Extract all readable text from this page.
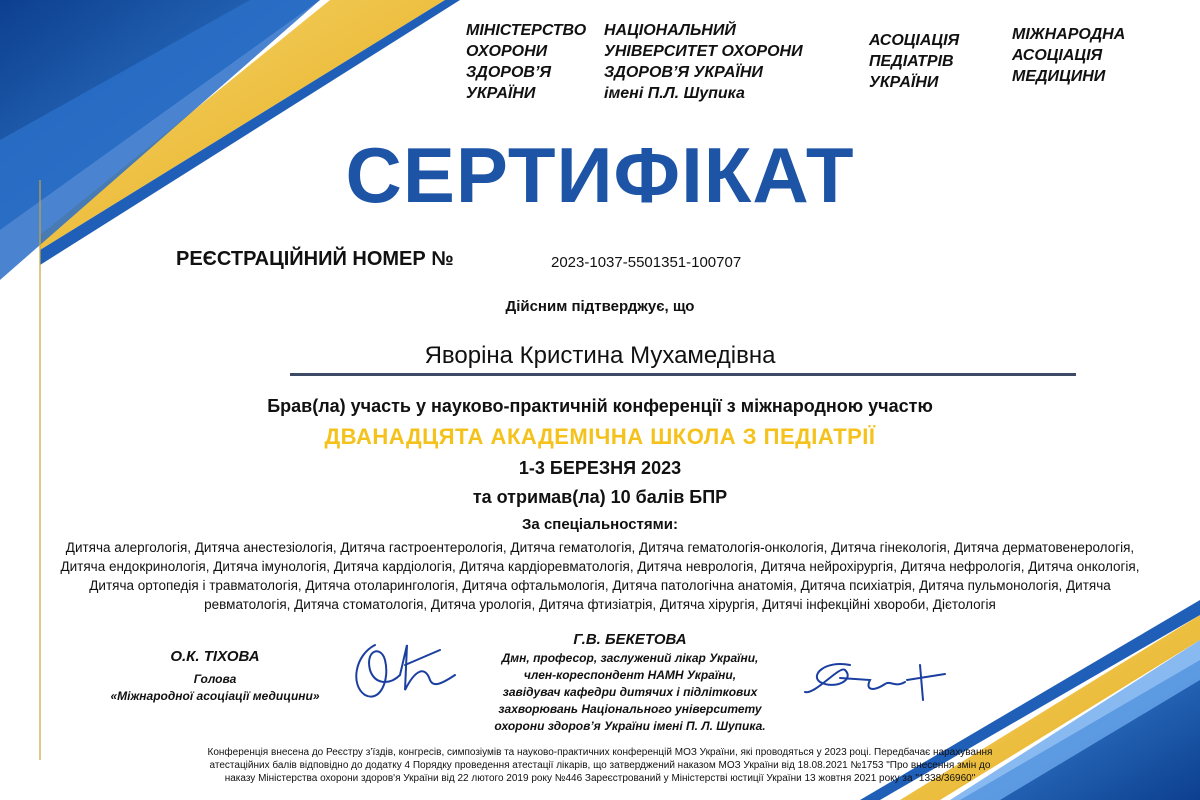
МІНІСТЕРСТВО
ОХОРОНИ
ЗДОРОВ’Я
УКРАЇНИ
НАЦІОНАЛЬНИЙ
УНІВЕРСИТЕТ ОХОРОНИ
ЗДОРОВ’Я УКРАЇНИ
імені П.Л. Шупика
АСОЦІАЦІЯ
ПЕДІАТРІВ
УКРАЇНИ
МІЖНАРОДНА
АСОЦІАЦІЯ
МЕДИЦИНИ
СЕРТИФІКАТ
РЕЄСТРАЦІЙНИЙ НОМЕР №	2023-1037-5501351-100707
Дійсним підтверджує, що
Яворіна Кристина Мухамедівна
Брав(ла) участь у науково-практичній конференції з міжнародною участю
ДВАНАДЦЯТА АКАДЕМІЧНА ШКОЛА З ПЕДІАТРІЇ
1-3 БЕРЕЗНЯ 2023
та отримав(ла) 10 балів БПР
За спеціальностями:
Дитяча алергологія, Дитяча анестезіологія, Дитяча гастроентерологія, Дитяча гематологія, Дитяча гематологія-онкологія, Дитяча гінекологія, Дитяча дерматовенерологія, Дитяча ендокринологія, Дитяча імунологія, Дитяча кардіологія, Дитяча кардіоревматологія, Дитяча неврологія, Дитяча нейрохірургія, Дитяча нефрологія, Дитяча онкологія, Дитяча ортопедія і травматологія, Дитяча отоларингологія, Дитяча офтальмологія, Дитяча патологічна анатомія, Дитяча психіатрія, Дитяча пульмонологія, Дитяча ревматологія, Дитяча стоматологія, Дитяча урологія, Дитяча фтизіатрія, Дитяча хірургія, Дитячі інфекційні хвороби, Дієтологія
О.К. ТІХОВА
Голова
«Міжнародної асоціації медицини»
Г.В. БЕКЕТОВА
Дмн, професор, заслужений лікар України,
член-кореспондент НАМН України,
завідувач кафедри дитячих і підліткових
захворювань Національного університету
охорони здоров’я України імені П. Л. Шупика.
Конференція внесена до Реєстру з’їздів, конгресів, симпозіумів та науково-практичних конференцій МОЗ України, які проводяться у 2023 році. Передбачає нарахування
атестаційних балів відповідно до додатку 4 Порядку проведення атестації лікарів, що затверджений наказом МОЗ України від 18.08.2021 №1753 "Про внесення змін до
наказу Міністерства охорони здоров'я України від 22 лютого 2019 року №446 Зареєстрований у Міністерстві юстиції України 13 жовтня 2021 року за "1338/36960"
